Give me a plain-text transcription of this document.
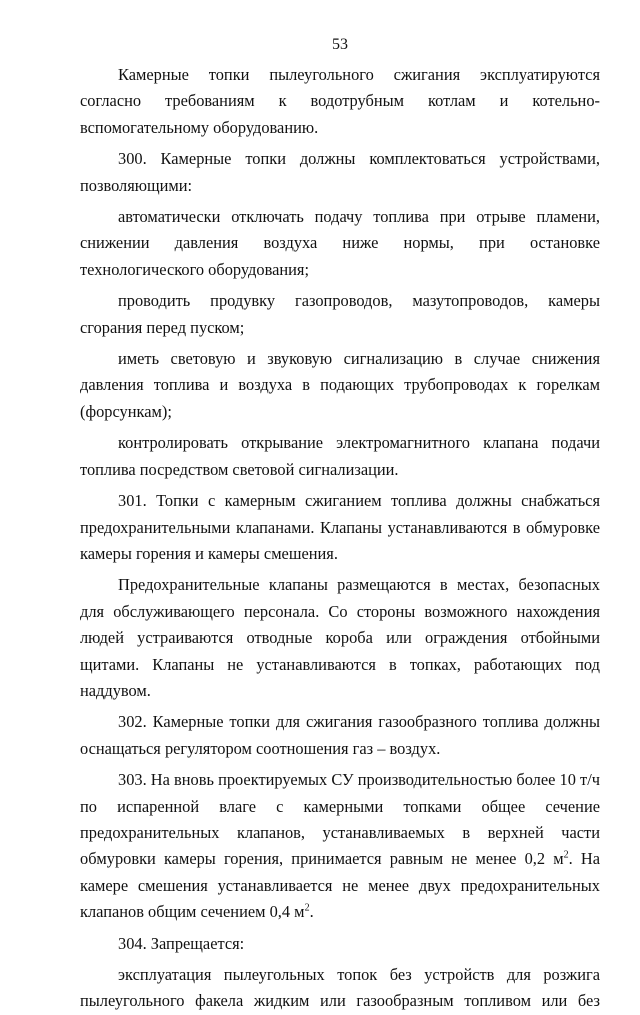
53

Камерные топки пылеугольного сжигания эксплуатируются согласно требованиям к водотрубным котлам и котельно-вспомогательному оборудованию.

300. Камерные топки должны комплектоваться устройствами, позволяющими:

автоматически отключать подачу топлива при отрыве пламени, снижении давления воздуха ниже нормы, при остановке технологического оборудования;

проводить продувку газопроводов, мазутопроводов, камеры сгорания перед пуском;

иметь световую и звуковую сигнализацию в случае снижения давления топлива и воздуха в подающих трубопроводах к горелкам (форсункам);

контролировать открывание электромагнитного клапана подачи топлива посредством световой сигнализации.

301. Топки с камерным сжиганием топлива должны снабжаться предохранительными клапанами. Клапаны устанавливаются в обмуровке камеры горения и камеры смешения.

Предохранительные клапаны размещаются в местах, безопасных для обслуживающего персонала. Со стороны возможного нахождения людей устраиваются отводные короба или ограждения отбойными щитами. Клапаны не устанавливаются в топках, работающих под наддувом.

302. Камерные топки для сжигания газообразного топлива должны оснащаться регулятором соотношения газ – воздух.

303. На вновь проектируемых СУ производительностью более 10 т/ч по испаренной влаге с камерными топками общее сечение предохранительных клапанов, устанавливаемых в верхней части обмуровки камеры горения, принимается равным не менее 0,2 $м^2$. На камере смешения устанавливается не менее двух предохранительных клапанов общим сечением 0,4 $м^2$.

304. Запрещается:

эксплуатация пылеугольных топок без устройств для розжига пылеугольного факела жидким или газообразным топливом или без
